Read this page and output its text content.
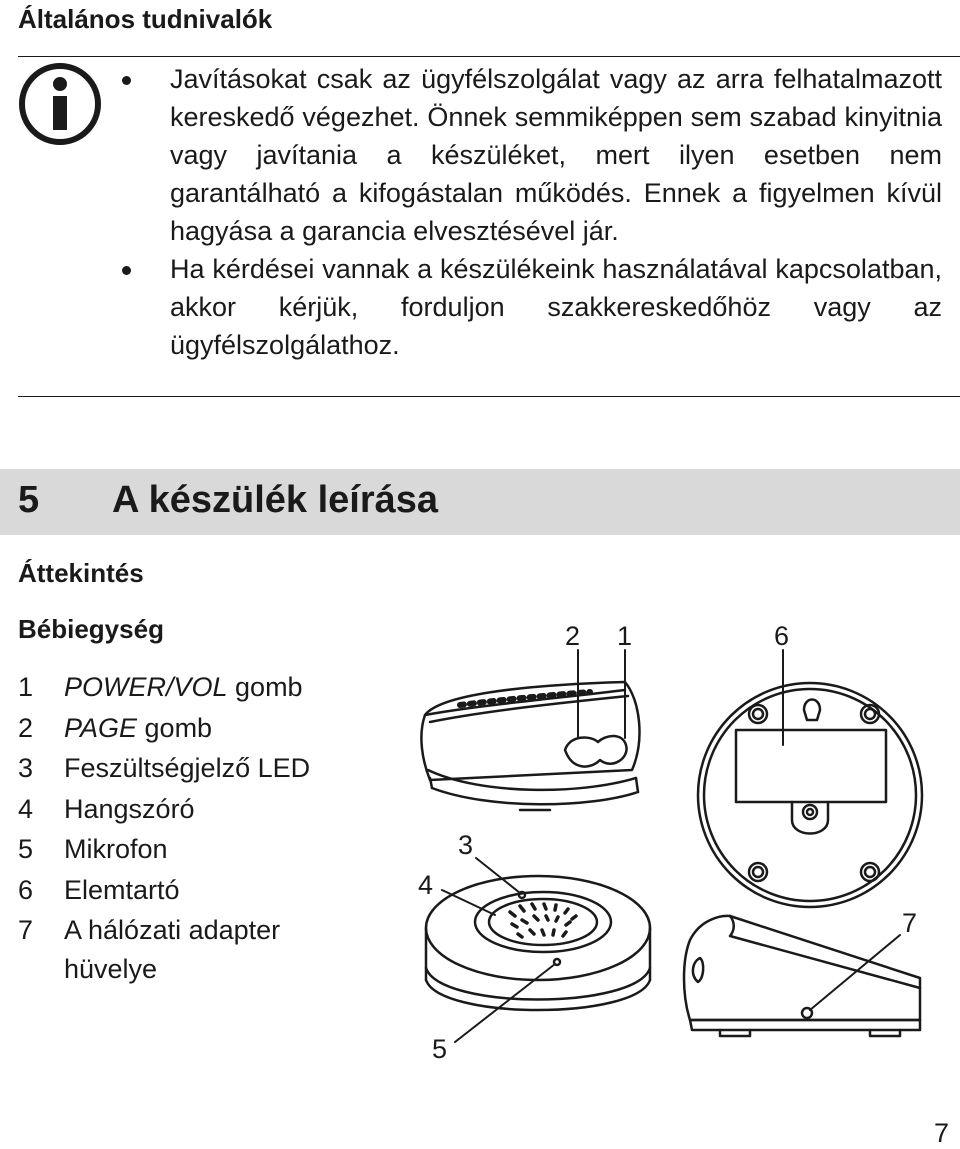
Általános tudnivalók
Javításokat csak az ügyfélszolgálat vagy az arra felhatalmazott kereskedő végezhet. Önnek semmiképpen sem szabad kinyitnia vagy javítania a készüléket, mert ilyen esetben nem garantálható a kifogástalan működés. Ennek a figyelmen kívül hagyása a garancia elvesztésével jár.
Ha kérdései vannak a készülékeink használatával kapcsolatban, akkor kérjük, forduljon szakkereskedőhöz vagy az ügyfélszolgálathoz.
5 A készülék leírása
Áttekintés
Bébiegység
1 POWER/VOL gomb
2 PAGE gomb
3 Feszültségjelző LED
4 Hangszóró
5 Mikrofon
6 Elemtartó
7 A hálózati adapter
hüvelye
2 1	6
3
4
5
7
7
